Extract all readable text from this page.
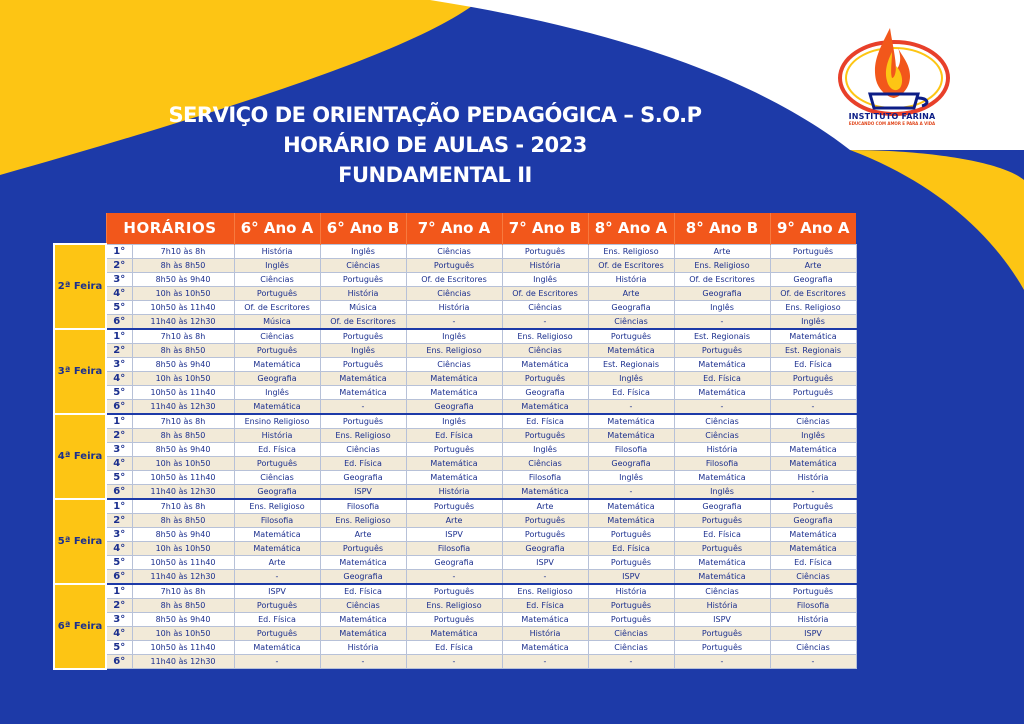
INSTITUTO FARINA
EDUCANDO COM AMOR E PARA A VIDA
SERVIÇO DE ORIENTAÇÃO PEDAGÓGICA – S.O.P
HORÁRIO DE AULAS - 2023
FUNDAMENTAL II
	HORÁRIOS		6° Ano A	6° Ano B	7° Ano A	7° Ano B	8° Ano A	8° Ano B	9° Ano A
2ª Feira	1°	7h10 às 8h	História	Inglês	Ciências	Português	Ens. Religioso	Arte	Português
	2°	8h às 8h50	Inglês	Ciências	Português	História	Of. de Escritores	Ens. Religioso	Arte
	3°	8h50 às 9h40	Ciências	Português	Of. de Escritores	Inglês	História	Of. de Escritores	Geografia
	4°	10h às 10h50	Português	História	Ciências	Of. de Escritores	Arte	Geografia	Of. de Escritores
	5°	10h50 às 11h40	Of. de Escritores	Música	História	Ciências	Geografia	Inglês	Ens. Religioso
	6°	11h40 às 12h30	Música	Of. de Escritores	-	-	Ciências	-	Inglês
3ª Feira	1°	7h10 às 8h	Ciências	Português	Inglês	Ens. Religioso	Português	Est. Regionais	Matemática
	2°	8h às 8h50	Português	Inglês	Ens. Religioso	Ciências	Matemática	Português	Est. Regionais
	3°	8h50 às 9h40	Matemática	Português	Ciências	Matemática	Est. Regionais	Matemática	Ed. Física
	4°	10h às 10h50	Geografia	Matemática	Matemática	Português	Inglês	Ed. Física	Português
	5°	10h50 às 11h40	Inglês	Matemática	Matemática	Geografia	Ed. Física	Matemática	Português
	6°	11h40 às 12h30	Matemática	-	Geografia	Matemática	-	-	-
4ª Feira	1°	7h10 às 8h	Ensino Religioso	Português	Inglês	Ed. Física	Matemática	Ciências	Ciências
	2°	8h às 8h50	História	Ens. Religioso	Ed. Física	Português	Matemática	Ciências	Inglês
	3°	8h50 às 9h40	Ed. Física	Ciências	Português	Inglês	Filosofia	História	Matemática
	4°	10h às 10h50	Português	Ed. Física	Matemática	Ciências	Geografia	Filosofia	Matemática
	5°	10h50 às 11h40	Ciências	Geografia	Matemática	Filosofia	Inglês	Matemática	História
	6°	11h40 às 12h30	Geografia	ISPV	História	Matemática	-	Inglês	-
5ª Feira	1°	7h10 às 8h	Ens. Religioso	Filosofia	Português	Arte	Matemática	Geografia	Português
	2°	8h às 8h50	Filosofia	Ens. Religioso	Arte	Português	Matemática	Português	Geografia
	3°	8h50 às 9h40	Matemática	Arte	ISPV	Português	Português	Ed. Física	Matemática
	4°	10h às 10h50	Matemática	Português	Filosofia	Geografia	Ed. Física	Português	Matemática
	5°	10h50 às 11h40	Arte	Matemática	Geografia	ISPV	Português	Matemática	Ed. Física
	6°	11h40 às 12h30	-	Geografia	-	-	ISPV	Matemática	Ciências
6ª Feira	1°	7h10 às 8h	ISPV	Ed. Física	Português	Ens. Religioso	História	Ciências	Português
	2°	8h às 8h50	Português	Ciências	Ens. Religioso	Ed. Física	Português	História	Filosofia
	3°	8h50 às 9h40	Ed. Física	Matemática	Português	Matemática	Português	ISPV	História
	4°	10h às 10h50	Português	Matemática	Matemática	História	Ciências	Português	ISPV
	5°	10h50 às 11h40	Matemática	História	Ed. Física	Matemática	Ciências	Português	Ciências
	6°	11h40 às 12h30	-	-	-	-	-	-	-
